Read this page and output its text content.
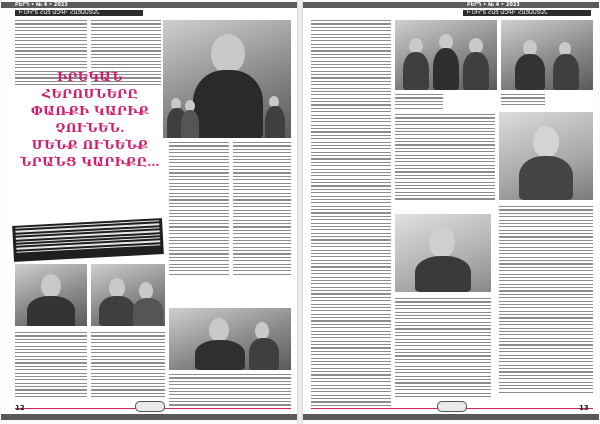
ԲԵՐԴ • № 4 • 2023
Ի ՍԻՐՏ ՀԱՅ ԱԶԳԻ՝ ՀԱՅԱՍՏԱՆ
ԻՐԵԿԱՆ ՀԵՐՈՍՆԵՐԸ
ՓԱՌՔԻ ԿԱՐԻՔ
ՉՈՒՆԵՆ.
ՄԵՆՔ ՈՒՆԵՆՔ
ՆՐԱՆՑ ԿԱՐԻՔԸ…
12
ԲԵՐԴ • № 4 • 2023
Ի ՍԻՐՏ ՀԱՅ ԱԶԳԻ՝ ՀԱՅԱՍՏԱՆ
13
